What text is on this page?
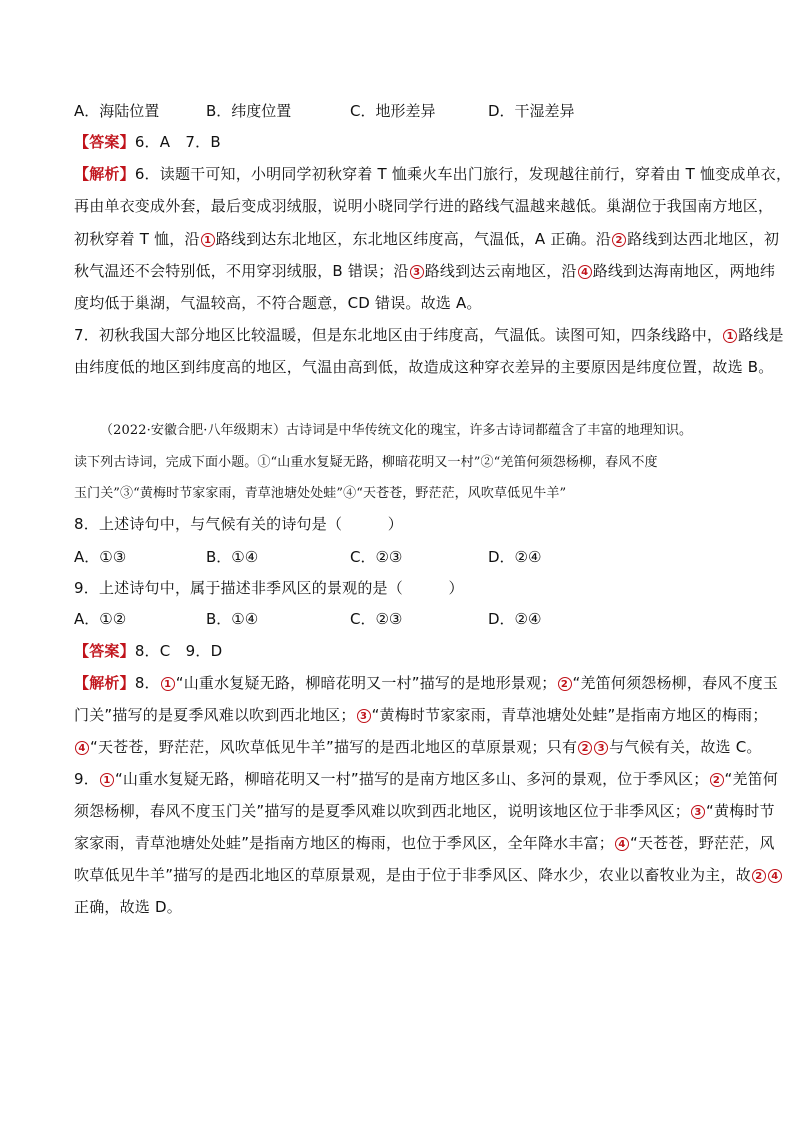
A．海陆位置	B．纬度位置	C．地形差异	D．干湿差异
【答案】6．A　7．B
【解析】6．读题干可知，小明同学初秋穿着 T 恤乘火车出门旅行，发现越往前行，穿着由 T 恤变成单衣，
再由单衣变成外套，最后变成羽绒服，说明小晓同学行进的路线气温越来越低。巢湖位于我国南方地区，
初秋穿着 T 恤，沿 1 路线到达东北地区，东北地区纬度高，气温低，A 正确。沿 2 路线到达西北地区，初
秋气温还不会特别低，不用穿羽绒服，B 错误；沿 3 路线到达云南地区，沿 4 路线到达海南地区，两地纬
度均低于巢湖，气温较高，不符合题意，CD 错误。故选 A。
7．初秋我国大部分地区比较温暖，但是东北地区由于纬度高，气温低。读图可知，四条线路中， 1 路线是
由纬度低的地区到纬度高的地区，气温由高到低，故造成这种穿衣差异的主要原因是纬度位置，故选 B。
（2022·安徽合肥·八年级期末）古诗词是中华传统文化的瑰宝，许多古诗词都蕴含了丰富的地理知识。
读下列古诗词，完成下面小题。①“山重水复疑无路，柳暗花明又一村”②“羌笛何须怨杨柳，春风不度
玉门关”③“黄梅时节家家雨，青草池塘处处蛙”④“天苍苍，野茫茫，风吹草低见牛羊”
8．上述诗句中，与气候有关的诗句是（　　　）
A．①③	B．①④	C．②③	D．②④
9．上述诗句中，属于描述非季风区的景观的是（　　　）
A．①②	B．①④	C．②③	D．②④
【答案】8．C　9．D
【解析】8． 1 “山重水复疑无路，柳暗花明又一村”描写的是地形景观； 2 “羌笛何须怨杨柳，春风不度玉
门关”描写的是夏季风难以吹到西北地区； 3 “黄梅时节家家雨，青草池塘处处蛙”是指南方地区的梅雨；
4 “天苍苍，野茫茫，风吹草低见牛羊”描写的是西北地区的草原景观；只有 2 3 与气候有关，故选 C。
9． 1 “山重水复疑无路，柳暗花明又一村”描写的是南方地区多山、多河的景观，位于季风区； 2 “羌笛何
须怨杨柳，春风不度玉门关”描写的是夏季风难以吹到西北地区，说明该地区位于非季风区； 3 “黄梅时节
家家雨，青草池塘处处蛙”是指南方地区的梅雨，也位于季风区，全年降水丰富； 4 “天苍苍，野茫茫，风
吹草低见牛羊”描写的是西北地区的草原景观，是由于位于非季风区、降水少，农业以畜牧业为主，故 2 4
正确，故选 D。
